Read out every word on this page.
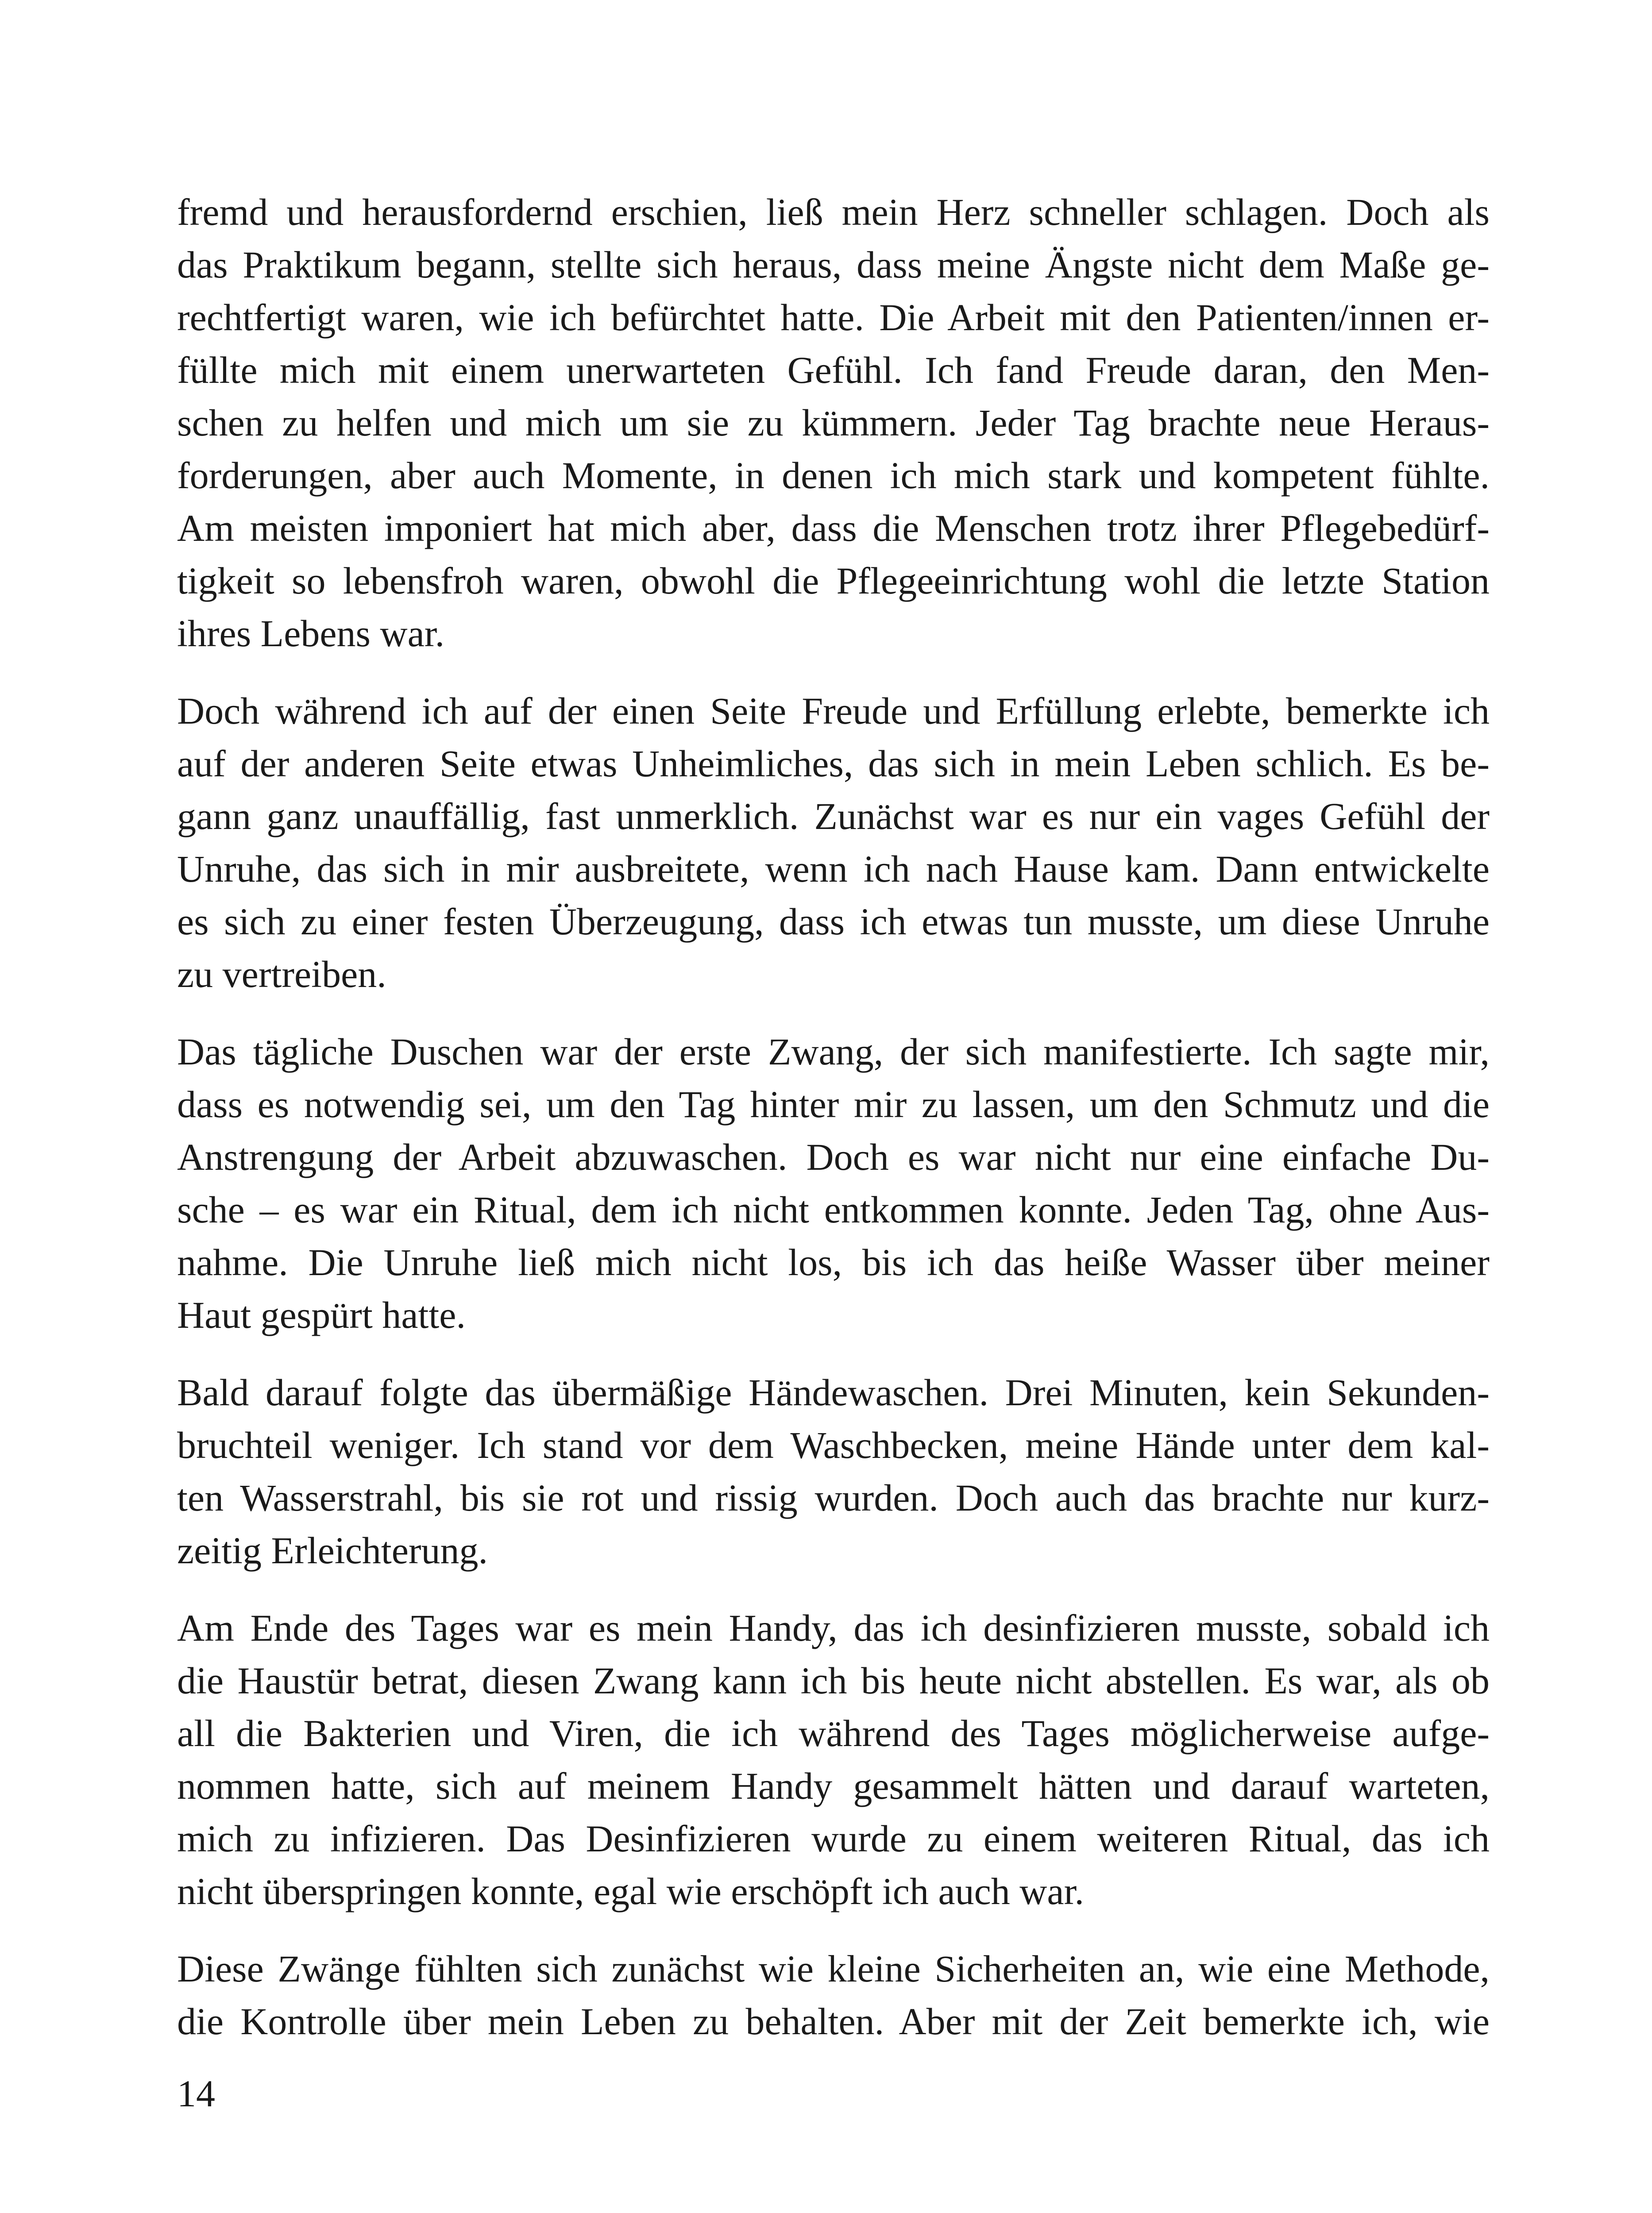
fremd und herausfordernd erschien, ließ mein Herz schneller schlagen. Doch als
das Praktikum begann, stellte sich heraus, dass meine Ängste nicht dem Maße ge-
rechtfertigt waren, wie ich befürchtet hatte. Die Arbeit mit den Patienten/innen er-
füllte mich mit einem unerwarteten Gefühl. Ich fand Freude daran, den Men-
schen zu helfen und mich um sie zu kümmern. Jeder Tag brachte neue Heraus-
forderungen, aber auch Momente, in denen ich mich stark und kompetent fühlte.
Am meisten imponiert hat mich aber, dass die Menschen trotz ihrer Pflegebedürf-
tigkeit so lebensfroh waren, obwohl die Pflegeeinrichtung wohl die letzte Station
ihres Lebens war.

Doch während ich auf der einen Seite Freude und Erfüllung erlebte, bemerkte ich
auf der anderen Seite etwas Unheimliches, das sich in mein Leben schlich. Es be-
gann ganz unauffällig, fast unmerklich. Zunächst war es nur ein vages Gefühl der
Unruhe, das sich in mir ausbreitete, wenn ich nach Hause kam. Dann entwickelte
es sich zu einer festen Überzeugung, dass ich etwas tun musste, um diese Unruhe
zu vertreiben.

Das tägliche Duschen war der erste Zwang, der sich manifestierte. Ich sagte mir,
dass es notwendig sei, um den Tag hinter mir zu lassen, um den Schmutz und die
Anstrengung der Arbeit abzuwaschen. Doch es war nicht nur eine einfache Du-
sche – es war ein Ritual, dem ich nicht entkommen konnte. Jeden Tag, ohne Aus-
nahme. Die Unruhe ließ mich nicht los, bis ich das heiße Wasser über meiner
Haut gespürt hatte.

Bald darauf folgte das übermäßige Händewaschen. Drei Minuten, kein Sekunden-
bruchteil weniger. Ich stand vor dem Waschbecken, meine Hände unter dem kal-
ten Wasserstrahl, bis sie rot und rissig wurden. Doch auch das brachte nur kurz-
zeitig Erleichterung.

Am Ende des Tages war es mein Handy, das ich desinfizieren musste, sobald ich
die Haustür betrat, diesen Zwang kann ich bis heute nicht abstellen. Es war, als ob
all die Bakterien und Viren, die ich während des Tages möglicherweise aufge-
nommen hatte, sich auf meinem Handy gesammelt hätten und darauf warteten,
mich zu infizieren. Das Desinfizieren wurde zu einem weiteren Ritual, das ich
nicht überspringen konnte, egal wie erschöpft ich auch war.

Diese Zwänge fühlten sich zunächst wie kleine Sicherheiten an, wie eine Methode,
die Kontrolle über mein Leben zu behalten. Aber mit der Zeit bemerkte ich, wie

14
